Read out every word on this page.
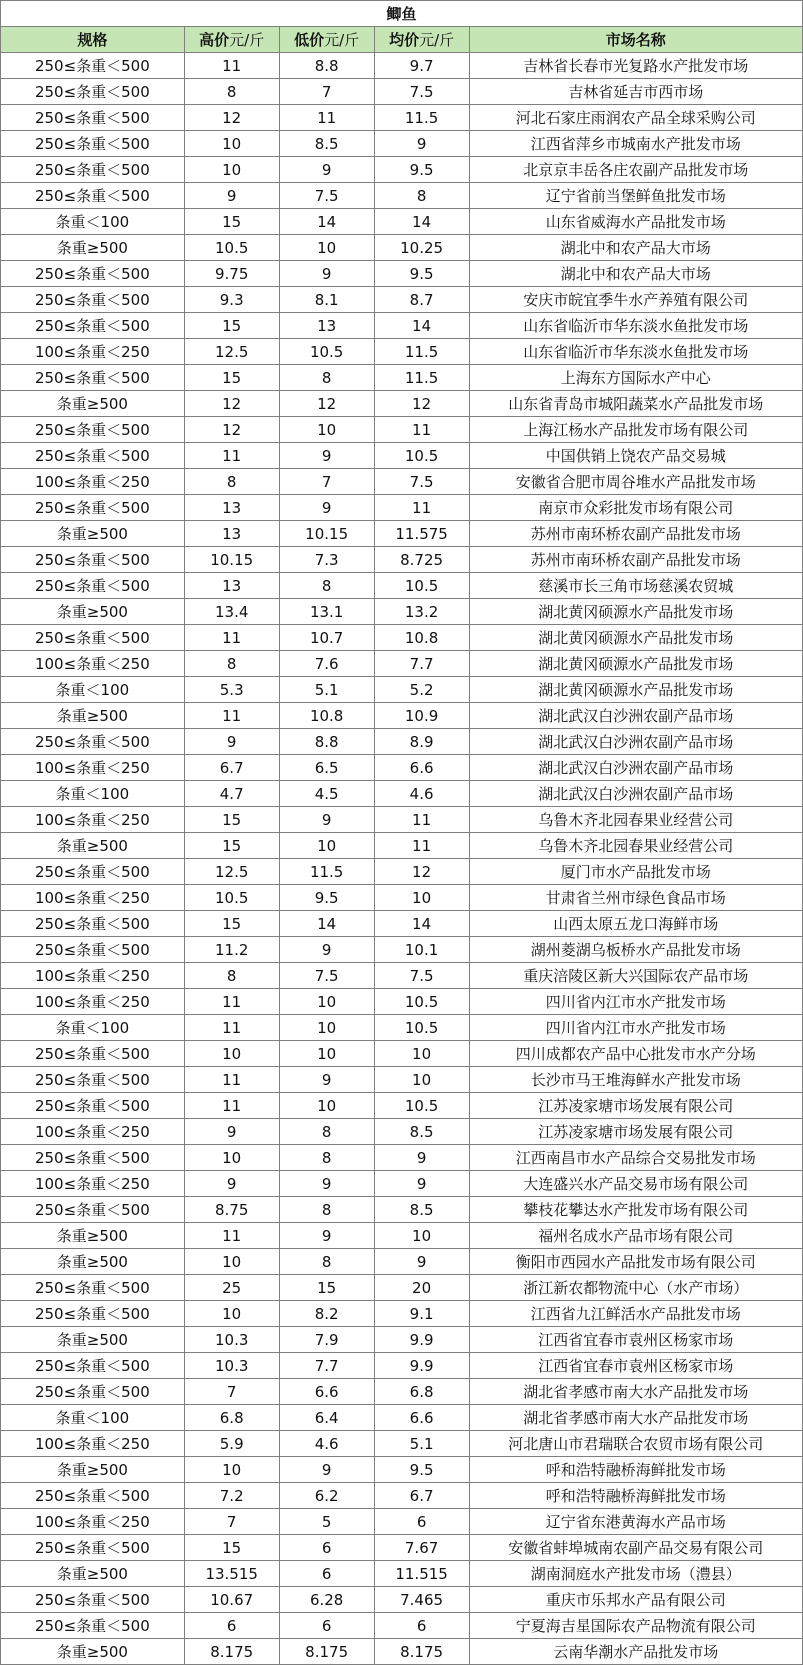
鲫鱼				
规格	高价元/斤	低价元/斤	均价元/斤	市场名称
250≤条重＜500	11	8.8	9.7	吉林省长春市光复路水产批发市场
250≤条重＜500	8	7	7.5	吉林省延吉市西市场
250≤条重＜500	12	11	11.5	河北石家庄雨润农产品全球采购公司
250≤条重＜500	10	8.5	9	江西省萍乡市城南水产批发市场
250≤条重＜500	10	9	9.5	北京京丰岳各庄农副产品批发市场
250≤条重＜500	9	7.5	8	辽宁省前当堡鲜鱼批发市场
条重＜100	15	14	14	山东省威海水产品批发市场
条重≥500	10.5	10	10.25	湖北中和农产品大市场
250≤条重＜500	9.75	9	9.5	湖北中和农产品大市场
250≤条重＜500	9.3	8.1	8.7	安庆市皖宜季牛水产养殖有限公司
250≤条重＜500	15	13	14	山东省临沂市华东淡水鱼批发市场
100≤条重＜250	12.5	10.5	11.5	山东省临沂市华东淡水鱼批发市场
250≤条重＜500	15	8	11.5	上海东方国际水产中心
条重≥500	12	12	12	山东省青岛市城阳蔬菜水产品批发市场
250≤条重＜500	12	10	11	上海江杨水产品批发市场有限公司
250≤条重＜500	11	9	10.5	中国供销上饶农产品交易城
100≤条重＜250	8	7	7.5	安徽省合肥市周谷堆水产品批发市场
250≤条重＜500	13	9	11	南京市众彩批发市场有限公司
条重≥500	13	10.15	11.575	苏州市南环桥农副产品批发市场
250≤条重＜500	10.15	7.3	8.725	苏州市南环桥农副产品批发市场
250≤条重＜500	13	8	10.5	慈溪市长三角市场慈溪农贸城
条重≥500	13.4	13.1	13.2	湖北黄冈硕源水产品批发市场
250≤条重＜500	11	10.7	10.8	湖北黄冈硕源水产品批发市场
100≤条重＜250	8	7.6	7.7	湖北黄冈硕源水产品批发市场
条重＜100	5.3	5.1	5.2	湖北黄冈硕源水产品批发市场
条重≥500	11	10.8	10.9	湖北武汉白沙洲农副产品市场
250≤条重＜500	9	8.8	8.9	湖北武汉白沙洲农副产品市场
100≤条重＜250	6.7	6.5	6.6	湖北武汉白沙洲农副产品市场
条重＜100	4.7	4.5	4.6	湖北武汉白沙洲农副产品市场
100≤条重＜250	15	9	11	乌鲁木齐北园春果业经营公司
条重≥500	15	10	11	乌鲁木齐北园春果业经营公司
250≤条重＜500	12.5	11.5	12	厦门市水产品批发市场
100≤条重＜250	10.5	9.5	10	甘肃省兰州市绿色食品市场
250≤条重＜500	15	14	14	山西太原五龙口海鲜市场
250≤条重＜500	11.2	9	10.1	湖州菱湖乌板桥水产品批发市场
100≤条重＜250	8	7.5	7.5	重庆涪陵区新大兴国际农产品市场
100≤条重＜250	11	10	10.5	四川省内江市水产批发市场
条重＜100	11	10	10.5	四川省内江市水产批发市场
250≤条重＜500	10	10	10	四川成都农产品中心批发市水产分场
250≤条重＜500	11	9	10	长沙市马王堆海鲜水产批发市场
250≤条重＜500	11	10	10.5	江苏凌家塘市场发展有限公司
100≤条重＜250	9	8	8.5	江苏凌家塘市场发展有限公司
250≤条重＜500	10	8	9	江西南昌市水产品综合交易批发市场
100≤条重＜250	9	9	9	大连盛兴水产品交易市场有限公司
250≤条重＜500	8.75	8	8.5	攀枝花攀达水产批发市场有限公司
条重≥500	11	9	10	福州名成水产品市场有限公司
条重≥500	10	8	9	衡阳市西园水产品批发市场有限公司
250≤条重＜500	25	15	20	浙江新农都物流中心（水产市场）
250≤条重＜500	10	8.2	9.1	江西省九江鲜活水产品批发市场
条重≥500	10.3	7.9	9.9	江西省宜春市袁州区杨家市场
250≤条重＜500	10.3	7.7	9.9	江西省宜春市袁州区杨家市场
250≤条重＜500	7	6.6	6.8	湖北省孝感市南大水产品批发市场
条重＜100	6.8	6.4	6.6	湖北省孝感市南大水产品批发市场
100≤条重＜250	5.9	4.6	5.1	河北唐山市君瑞联合农贸市场有限公司
条重≥500	10	9	9.5	呼和浩特融桥海鲜批发市场
250≤条重＜500	7.2	6.2	6.7	呼和浩特融桥海鲜批发市场
100≤条重＜250	7	5	6	辽宁省东港黄海水产品市场
250≤条重＜500	15	6	7.67	安徽省蚌埠城南农副产品交易有限公司
条重≥500	13.515	6	11.515	湖南洞庭水产批发市场（澧县）
250≤条重＜500	10.67	6.28	7.465	重庆市乐邦水产品有限公司
250≤条重＜500	6	6	6	宁夏海吉星国际农产品物流有限公司
条重≥500	8.175	8.175	8.175	云南华潮水产品批发市场
